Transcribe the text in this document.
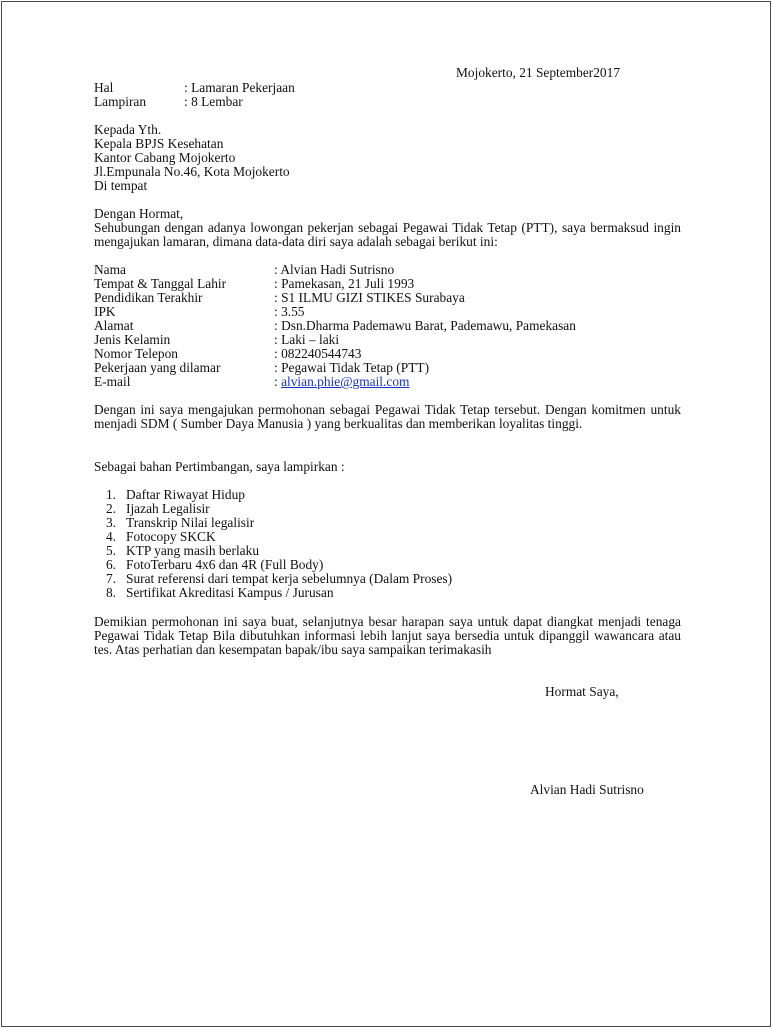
Mojokerto, 21 September2017
Hal	: Lamaran Pekerjaan
Lampiran	: 8 Lembar
Kepada Yth.
Kepala BPJS Kesehatan
Kantor Cabang Mojokerto
Jl.Empunala No.46, Kota Mojokerto
Di tempat
Dengan Hormat,
Sehubungan dengan adanya lowongan pekerjan sebagai Pegawai Tidak Tetap (PTT), saya bermaksud ingin mengajukan lamaran, dimana data-data diri saya adalah sebagai berikut ini:
Nama	: Alvian Hadi Sutrisno
Tempat & Tanggal Lahir	: Pamekasan, 21 Juli 1993
Pendidikan Terakhir	: S1 ILMU GIZI STIKES Surabaya
IPK	: 3.55
Alamat	: Dsn.Dharma Pademawu Barat, Pademawu, Pamekasan
Jenis Kelamin	: Laki – laki
Nomor Telepon	: 082240544743
Pekerjaan yang dilamar	: Pegawai Tidak Tetap (PTT)
E-mail	: alvian.phie@gmail.com
Dengan ini saya mengajukan permohonan sebagai Pegawai Tidak Tetap tersebut. Dengan komitmen untuk menjadi SDM ( Sumber Daya Manusia ) yang berkualitas dan memberikan loyalitas tinggi.
Sebagai bahan Pertimbangan, saya lampirkan :
1. Daftar Riwayat Hidup
2. Ijazah Legalisir
3. Transkrip Nilai legalisir
4. Fotocopy SKCK
5. KTP yang masih berlaku
6. FotoTerbaru 4x6 dan 4R (Full Body)
7. Surat referensi dari tempat kerja sebelumnya (Dalam Proses)
8. Sertifikat Akreditasi Kampus / Jurusan
Demikian permohonan ini saya buat, selanjutnya besar harapan saya untuk dapat diangkat menjadi tenaga Pegawai Tidak Tetap Bila dibutuhkan informasi lebih lanjut saya bersedia untuk dipanggil wawancara atau tes. Atas perhatian dan kesempatan bapak/ibu saya sampaikan terimakasih
Hormat Saya,
Alvian Hadi Sutrisno
